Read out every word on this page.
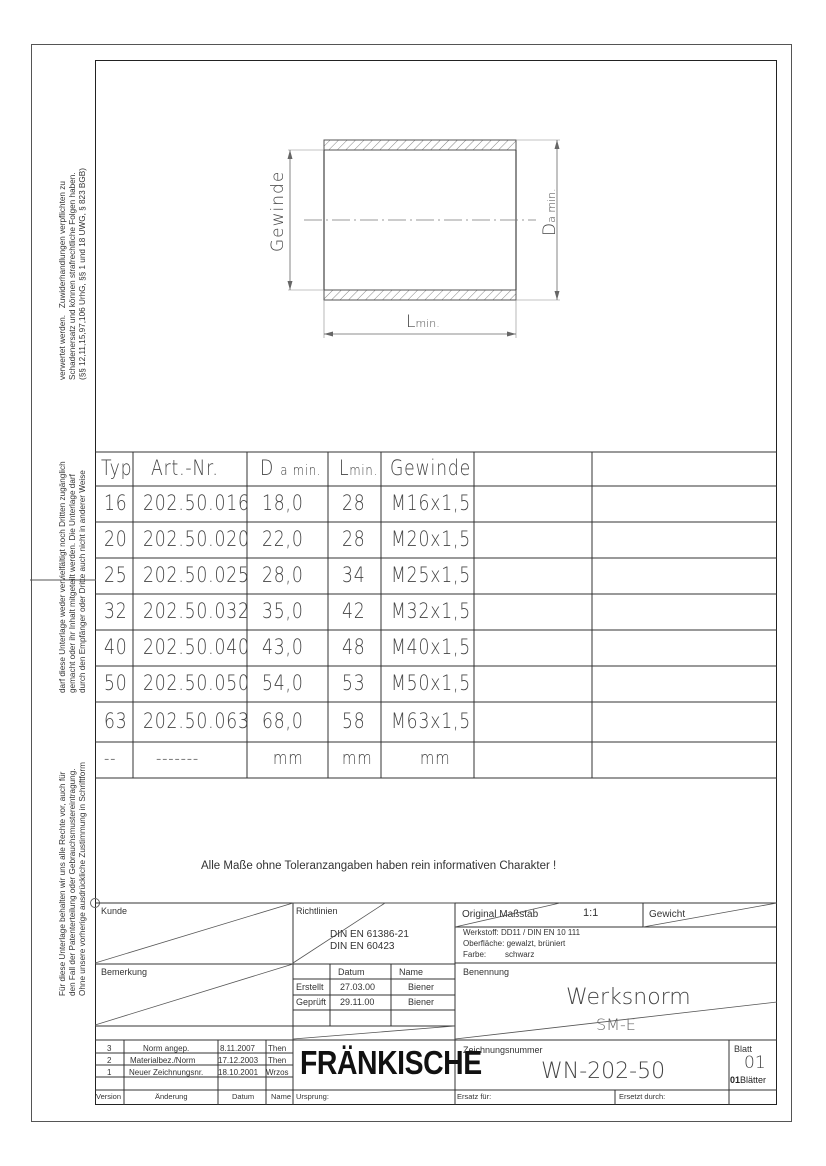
verwertet werden.   Zuwiderhandlungen verpflichten zu
Schadenersatz und können strafrechtliche Folgen haben.
(§§ 12,11,15,97,106 UrhG, §§ 1 und 18 UWG, § 823 BGB)
darf diese Unterlage weder vervielfältigt noch Dritten zugänglich
gemacht oder ihr Inhalt mitgeteilt werden. Die Unterlage darf
durch den Empfänger oder Dritte auch nicht in anderer Weise
Für diese Unterlage behalten wir uns alle Rechte vor, auch für
den Fall der Patenterteilung oder Gebrauchsmustereintragung.
Ohne unsere vorherige ausdrückliche Zustimmung in Schriftform
Gewinde	Da min.
Lmin.
Typ Art.-Nr. D a min. Lmin. Gewinde
16 202.50.016 18,0 28 M16x1,5
20 202.50.020 22,0 28 M20x1,5
25 202.50.025 28,0 34 M25x1,5
32 202.50.032 35,0 42 M32x1,5
40 202.50.040 43,0 48 M40x1,5
50 202.50.050 54,0 53 M50x1,5
63 202.50.063 68,0 58 M63x1,5
-- -------	mm mm	mm
Alle Maße ohne Toleranzangaben haben rein informativen Charakter !
Kunde	Richtlinien
DIN EN 61386-21
DIN EN 60423
Original Maßstab	1:1	Gewicht
Werkstoff: DD11 / DIN EN 10 111
Oberfläche: gewalzt, brüniert
Farbe: schwarz
Bemerkung	Datum	Name
Erstellt 27.03.00	Biener
Geprüft 29.11.00	Biener
Benennung
Werksnorm
SM-E
Zeichnungsnummer
WN-202-50
Blatt
01
01Blätter
FRÄNKISCHE
3	Norm angep.	8.11.2007 Then
2 Materialbez./Norm	17.12.2003 Then
1 Neuer Zeichnungsnr. 18.10.2001 Wrzos
Version	Änderung	Datum Name Ursprung:	Ersatz für:	Ersetzt durch:
